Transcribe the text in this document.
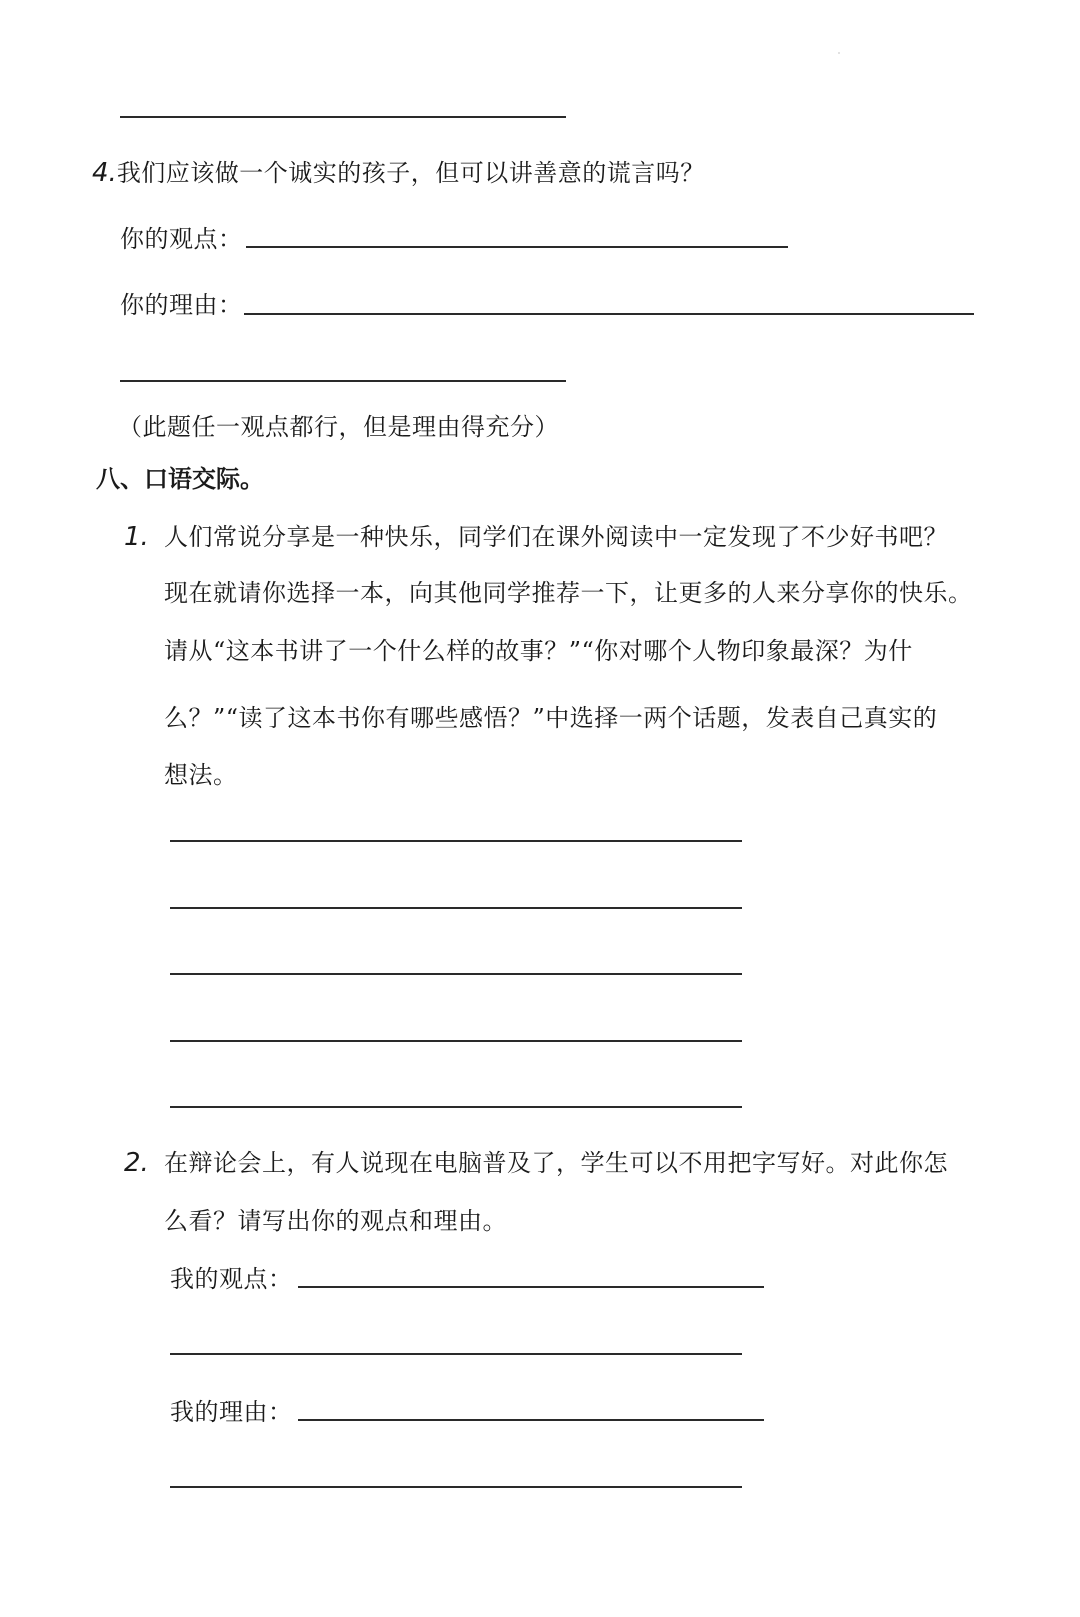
4.我们应该做一个诚实的孩子，但可以讲善意的谎言吗？
你的观点：
你的理由：
（此题任一观点都行，但是理由得充分）
八、口语交际。
1. 人们常说分享是一种快乐，同学们在课外阅读中一定发现了不少好书吧？
现在就请你选择一本，向其他同学推荐一下，让更多的人来分享你的快乐。
请从“这本书讲了一个什么样的故事？”“你对哪个人物印象最深？为什
么？”“读了这本书你有哪些感悟？”中选择一两个话题，发表自己真实的
想法。
2. 在辩论会上，有人说现在电脑普及了，学生可以不用把字写好。对此你怎
么看？请写出你的观点和理由。
我的观点：
我的理由：
